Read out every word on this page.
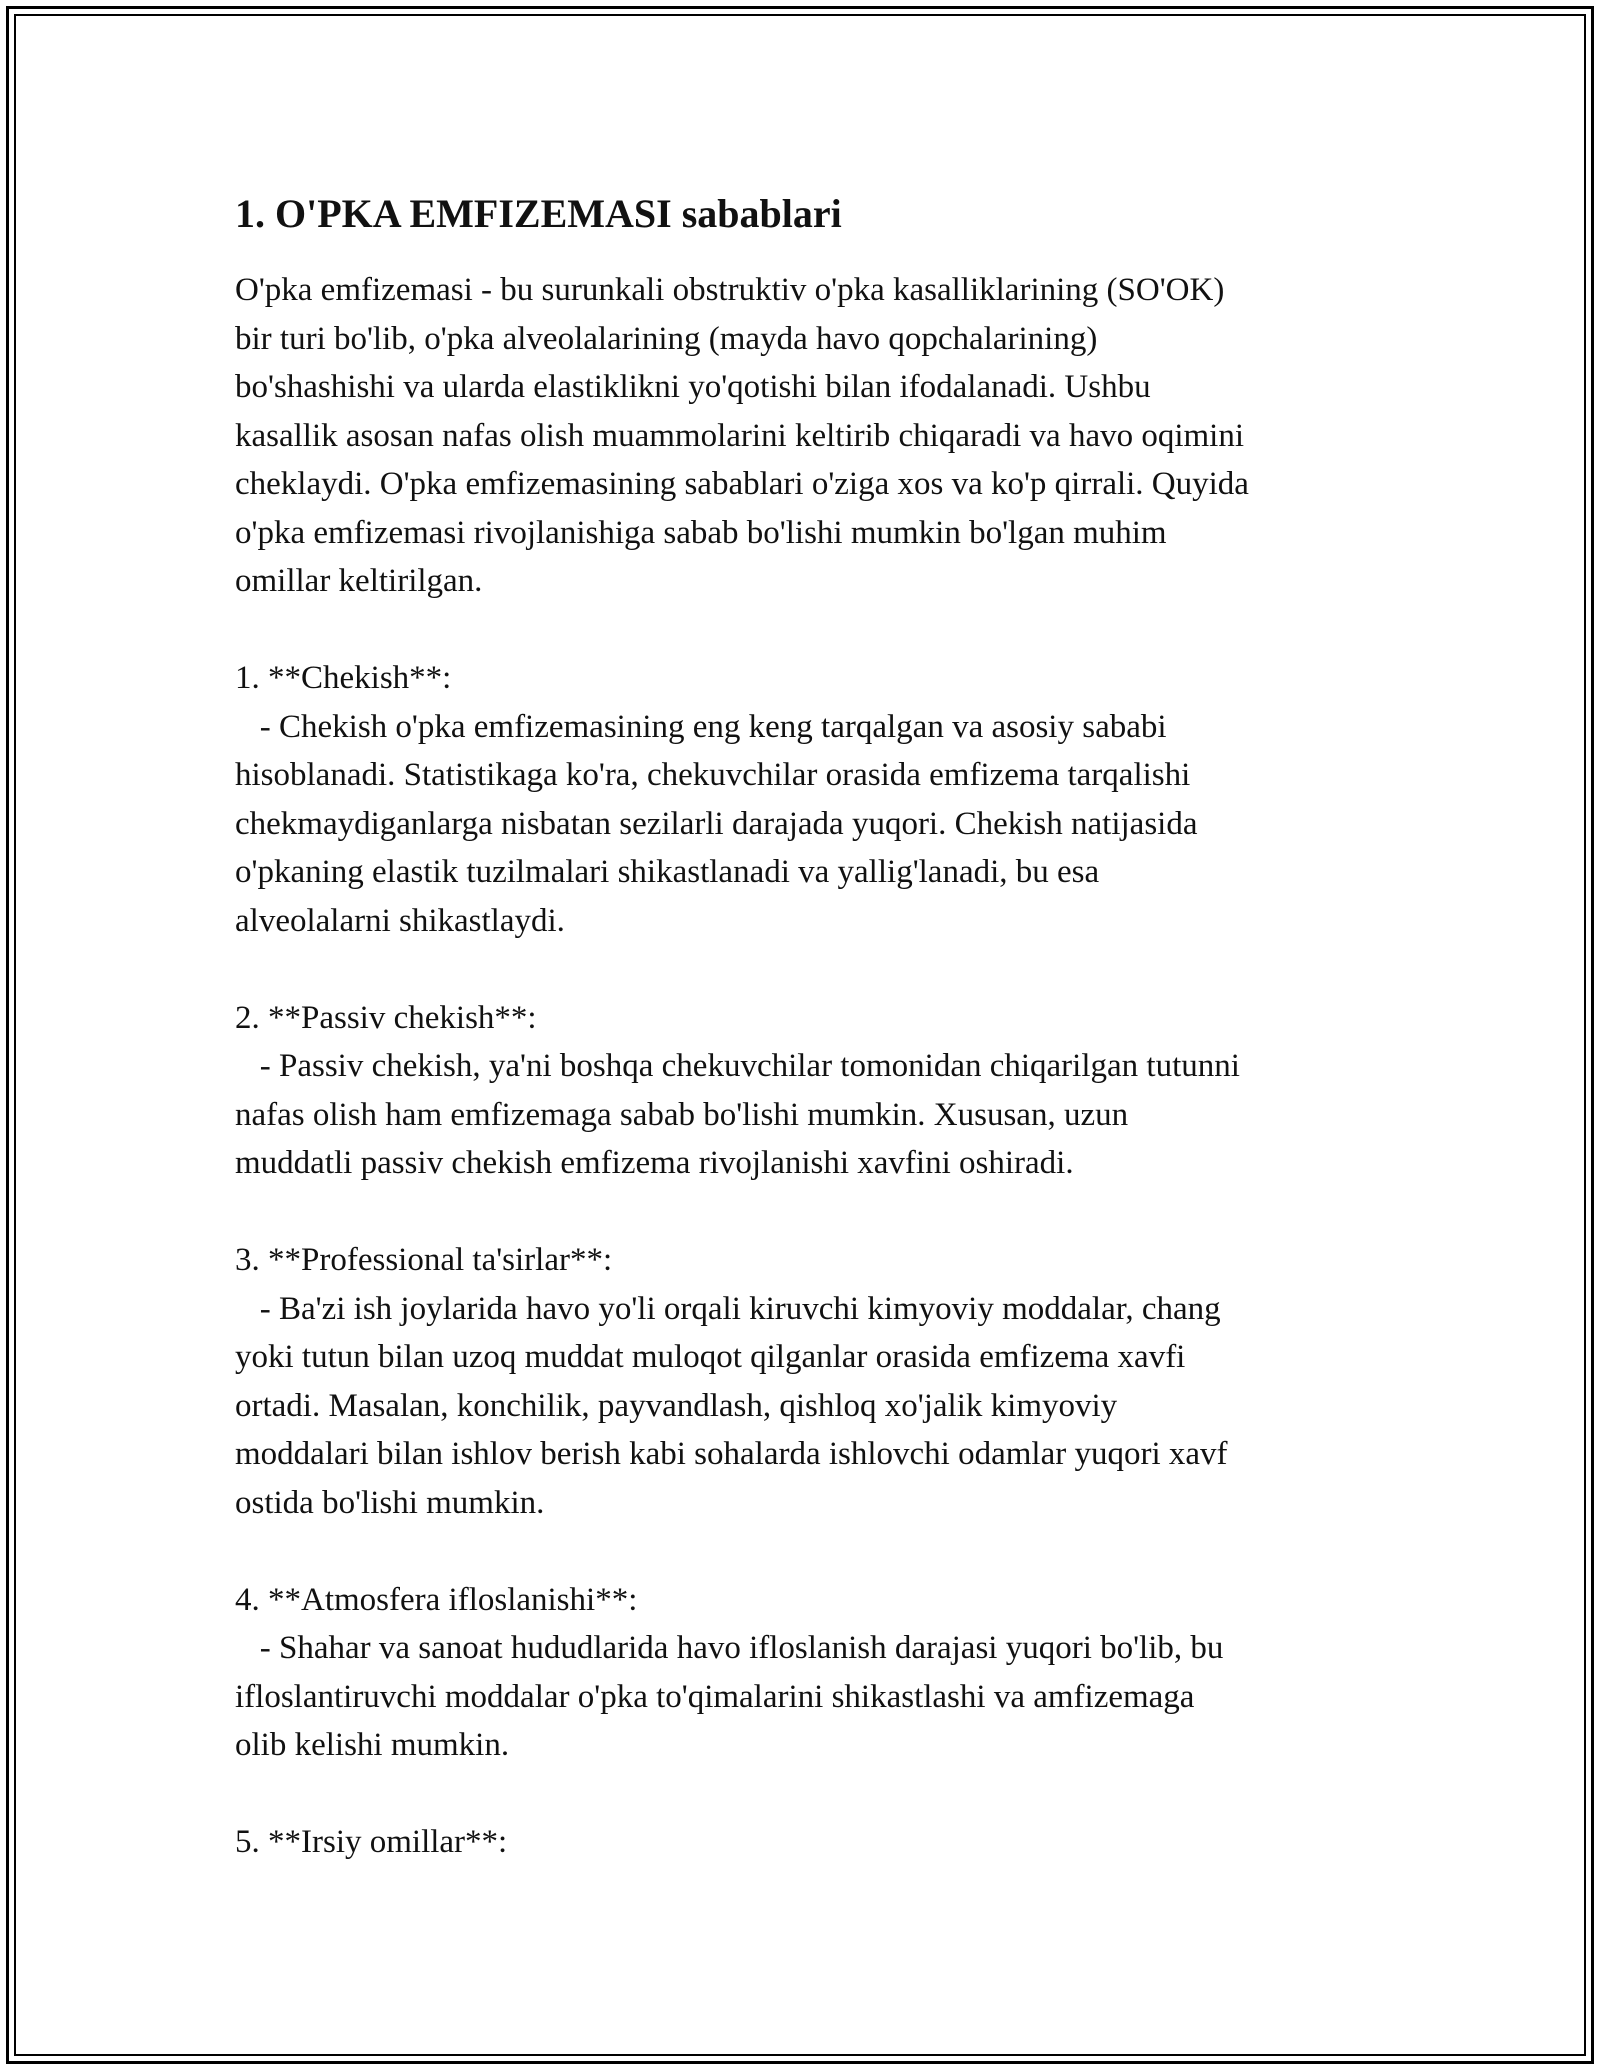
1. O'PKA EMFIZEMASI sabablari

O'pka emfizemasi - bu surunkali obstruktiv o'pka kasalliklarining (SO'OK)
bir turi bo'lib, o'pka alveolalarining (mayda havo qopchalarining)
bo'shashishi va ularda elastiklikni yo'qotishi bilan ifodalanadi. Ushbu
kasallik asosan nafas olish muammolarini keltirib chiqaradi va havo oqimini
cheklaydi. O'pka emfizemasining sabablari o'ziga xos va ko'p qirrali. Quyida
o'pka emfizemasi rivojlanishiga sabab bo'lishi mumkin bo'lgan muhim
omillar keltirilgan.

1. **Chekish**:

- Chekish o'pka emfizemasining eng keng tarqalgan va asosiy sababi
hisoblanadi. Statistikaga ko'ra, chekuvchilar orasida emfizema tarqalishi
chekmaydiganlarga nisbatan sezilarli darajada yuqori. Chekish natijasida
o'pkaning elastik tuzilmalari shikastlanadi va yallig'lanadi, bu esa
alveolalarni shikastlaydi.

2. **Passiv chekish**:

- Passiv chekish, ya'ni boshqa chekuvchilar tomonidan chiqarilgan tutunni
nafas olish ham emfizemaga sabab bo'lishi mumkin. Xususan, uzun
muddatli passiv chekish emfizema rivojlanishi xavfini oshiradi.

3. **Professional ta'sirlar**:

- Ba'zi ish joylarida havo yo'li orqali kiruvchi kimyoviy moddalar, chang
yoki tutun bilan uzoq muddat muloqot qilganlar orasida emfizema xavfi
ortadi. Masalan, konchilik, payvandlash, qishloq xo'jalik kimyoviy
moddalari bilan ishlov berish kabi sohalarda ishlovchi odamlar yuqori xavf
ostida bo'lishi mumkin.

4. **Atmosfera ifloslanishi**:

- Shahar va sanoat hududlarida havo ifloslanish darajasi yuqori bo'lib, bu
ifloslantiruvchi moddalar o'pka to'qimalarini shikastlashi va amfizemaga
olib kelishi mumkin.

5. **Irsiy omillar**:
